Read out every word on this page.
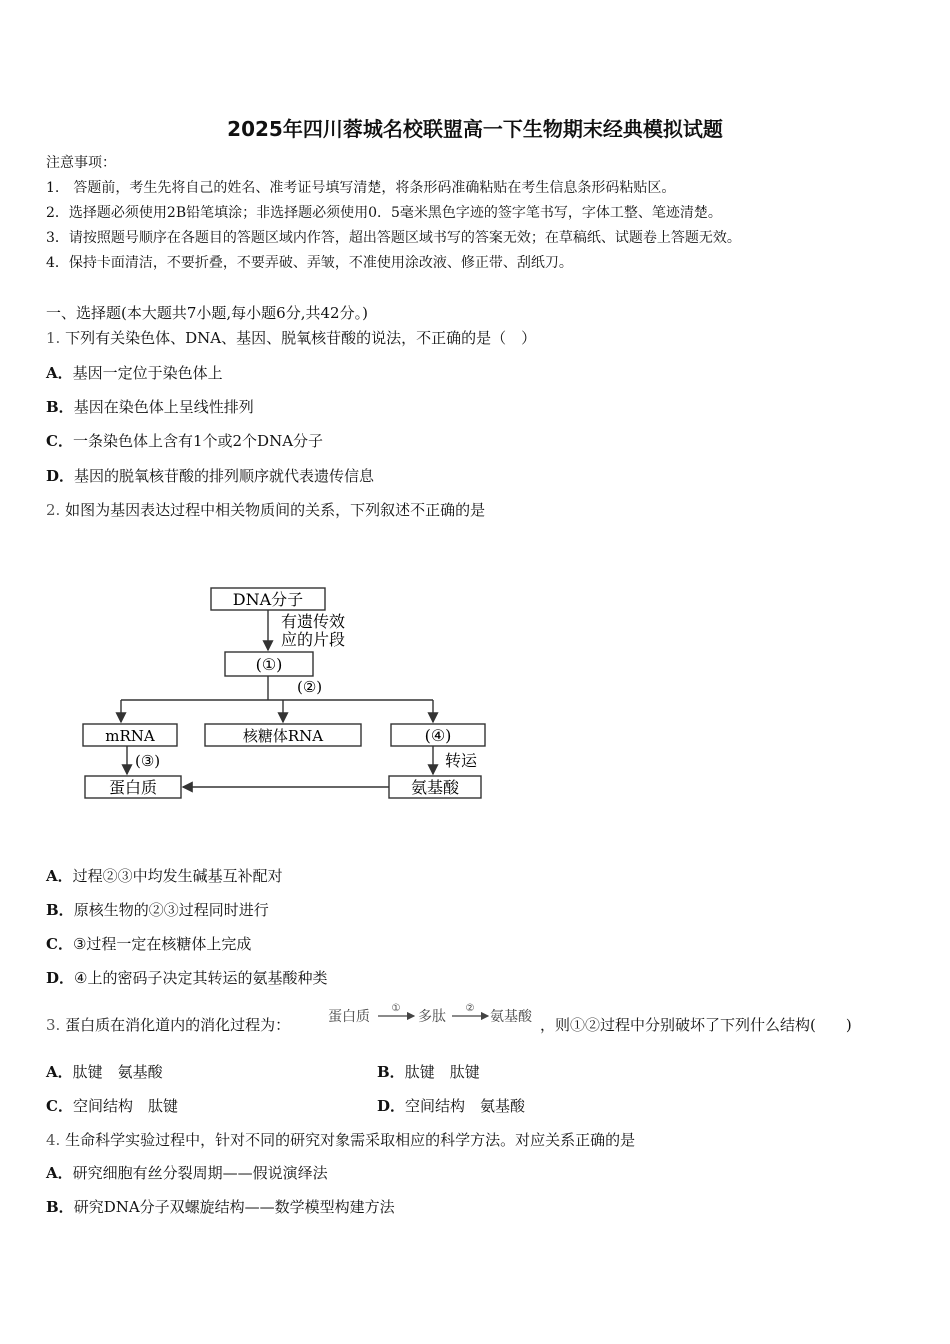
2025年四川蓉城名校联盟高一下生物期末经典模拟试题
注意事项：
1.　答题前，考生先将自己的姓名、准考证号填写清楚，将条形码准确粘贴在考生信息条形码粘贴区。
2．选择题必须使用2B铅笔填涂；非选择题必须使用0．5毫米黑色字迹的签字笔书写，字体工整、笔迹清楚。
3．请按照题号顺序在各题目的答题区域内作答，超出答题区域书写的答案无效；在草稿纸、试题卷上答题无效。
4．保持卡面清洁，不要折叠，不要弄破、弄皱，不准使用涂改液、修正带、刮纸刀。
一、选择题(本大题共7小题,每小题6分,共42分。)
1. 下列有关染色体、DNA、基因、脱氧核苷酸的说法，不正确的是（　）
A．基因一定位于染色体上
B．基因在染色体上呈线性排列
C．一条染色体上含有1个或2个DNA分子
D．基因的脱氧核苷酸的排列顺序就代表遗传信息
2. 如图为基因表达过程中相关物质间的关系，下列叙述不正确的是
DNA分子
有遗传效
应的片段
(①)
(②)
mRNA	核糖体RNA	(④)
(③)	转运
蛋白质	氨基酸
A．过程②③中均发生碱基互补配对
B．原核生物的②③过程同时进行
C．③过程一定在核糖体上完成
D．④上的密码子决定其转运的氨基酸种类
3. 蛋白质在消化道内的消化过程为：	蛋白质
①
多肽
②
氨基酸 ，则①②过程中分别破坏了下列什么结构(　　)
A．肽键　氨基酸	B．肽键　肽键
C．空间结构　肽键	D．空间结构　氨基酸
4. 生命科学实验过程中，针对不同的研究对象需采取相应的科学方法。对应关系正确的是
A．研究细胞有丝分裂周期——假说演绎法
B．研究DNA分子双螺旋结构——数学模型构建方法
